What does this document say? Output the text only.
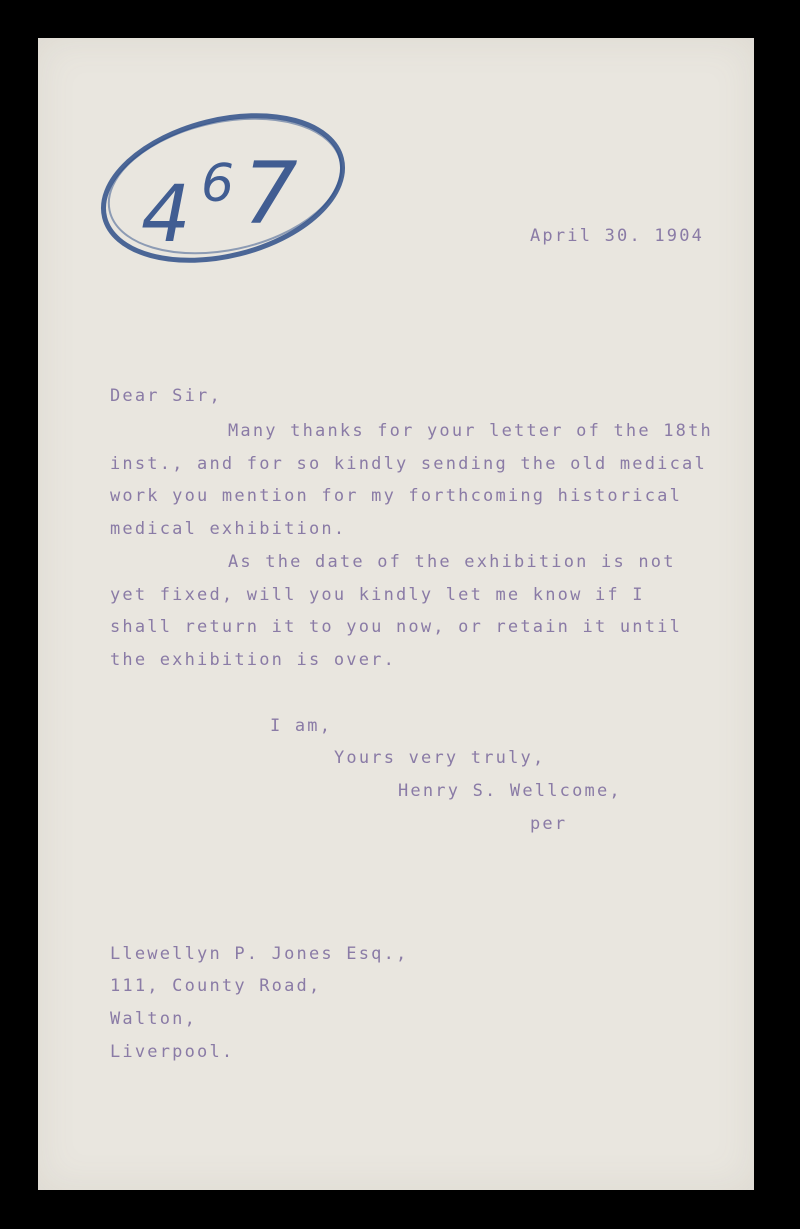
4 6 7	April 30. 1904
Dear Sir,
Many thanks for your letter of the 18th
inst., and for so kindly sending the old medical
work you mention for my forthcoming historical
medical exhibition.
As the date of the exhibition is not
yet fixed, will you kindly let me know if I
shall return it to you now, or retain it until
the exhibition is over.
I am,
Yours very truly,
Henry S. Wellcome,
per
Llewellyn P. Jones Esq.,
111, County Road,
Walton,
Liverpool.
